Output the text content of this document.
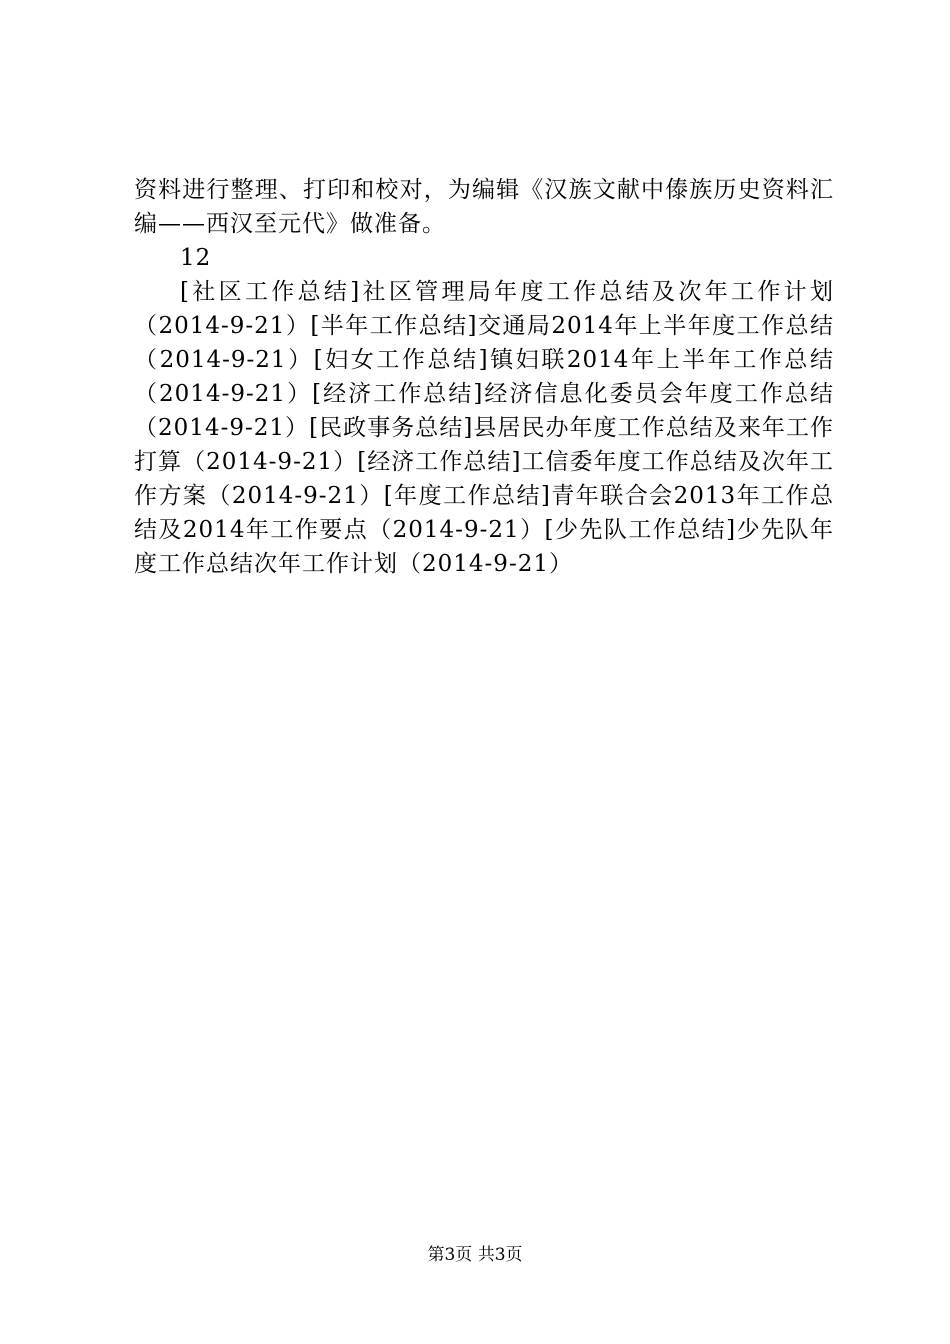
资料进行整理、打印和校对，为编辑《汉族文献中傣族历史资料汇编——西汉至元代》做准备。

12

[社区工作总结]社区管理局年度工作总结及次年工作计划（2014-9-21）[半年工作总结]交通局2014年上半年度工作总结（2014-9-21）[妇女工作总结]镇妇联2014年上半年工作总结（2014-9-21）[经济工作总结]经济信息化委员会年度工作总结（2014-9-21）[民政事务总结]县居民办年度工作总结及来年工作打算（2014-9-21）[经济工作总结]工信委年度工作总结及次年工作方案（2014-9-21）[年度工作总结]青年联合会2013年工作总结及2014年工作要点（2014-9-21）[少先队工作总结]少先队年度工作总结次年工作计划（2014-9-21）

第3页 共3页
